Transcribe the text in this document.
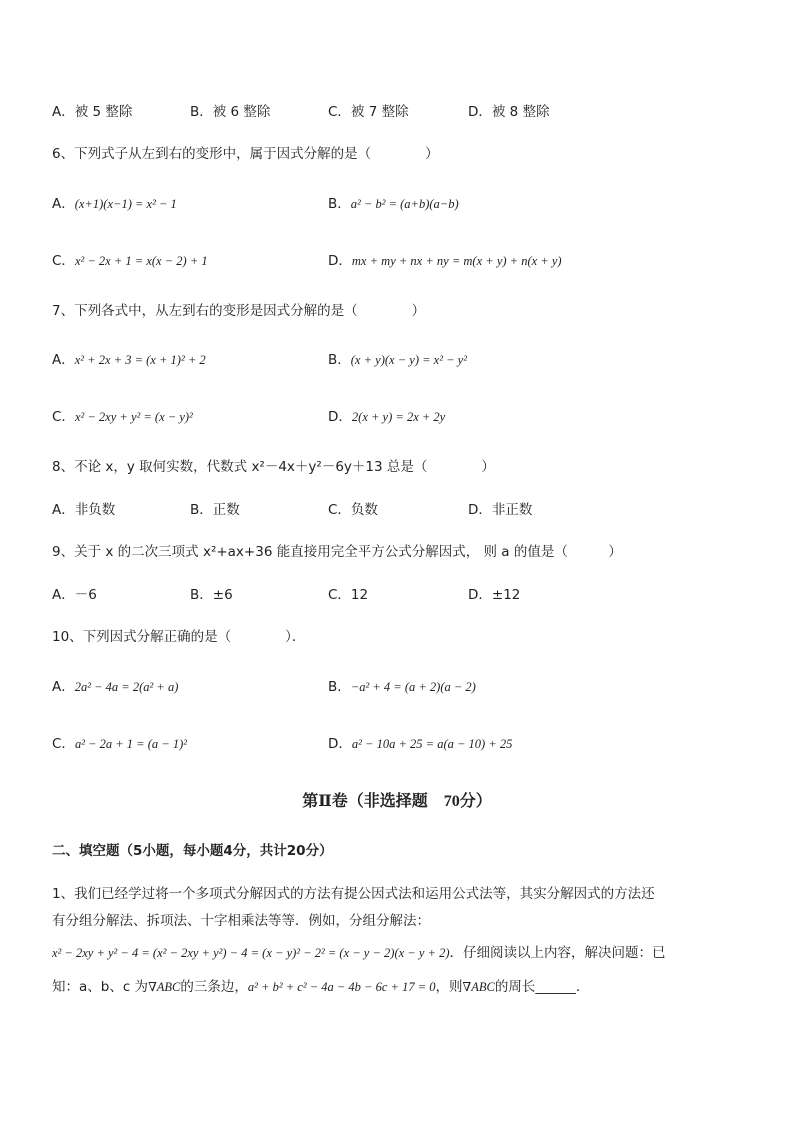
A．被 5 整除	B．被 6 整除	C．被 7 整除	D．被 8 整除
6、下列式子从左到右的变形中，属于因式分解的是（　　　　）
A．(x+1)(x−1) = x² − 1	B．a² − b² = (a+b)(a−b)
C．x² − 2x + 1 = x(x − 2) + 1	D．mx + my + nx + ny = m(x + y) + n(x + y)
7、下列各式中，从左到右的变形是因式分解的是（　　　　）
A．x² + 2x + 3 = (x + 1)² + 2	B．(x + y)(x − y) = x² − y²
C．x² − 2xy + y² = (x − y)²	D．2(x + y) = 2x + 2y
8、不论 x，y 取何实数，代数式 x²－4x＋y²－6y＋13 总是（　　　　）
A．非负数	B．正数	C．负数	D．非正数
9、关于 x 的二次三项式 x²+ax+36 能直接用完全平方公式分解因式， 则 a 的值是（　　　）
A．－6	B．±6	C．12	D．±12
10、下列因式分解正确的是（　　　　）．
A．2a² − 4a = 2(a² + a)	B．−a² + 4 = (a + 2)(a − 2)
C．a² − 2a + 1 = (a − 1)²	D．a² − 10a + 25 = a(a − 10) + 25
第Ⅱ卷（非选择题　70分）
二、填空题（5小题，每小题4分，共计20分）
1、我们已经学过将一个多项式分解因式的方法有提公因式法和运用公式法等，其实分解因式的方法还
有分组分解法、拆项法、十字相乘法等等．例如，分组分解法：
x² − 2xy + y² − 4 = (x² − 2xy + y²) − 4 = (x − y)² − 2² = (x − y − 2)(x − y + 2)．仔细阅读以上内容，解决问题：已
知：a、b、c 为∇ABC的三条边，a² + b² + c² − 4a − 4b − 6c + 17 = 0，则∇ABC的周长______．
